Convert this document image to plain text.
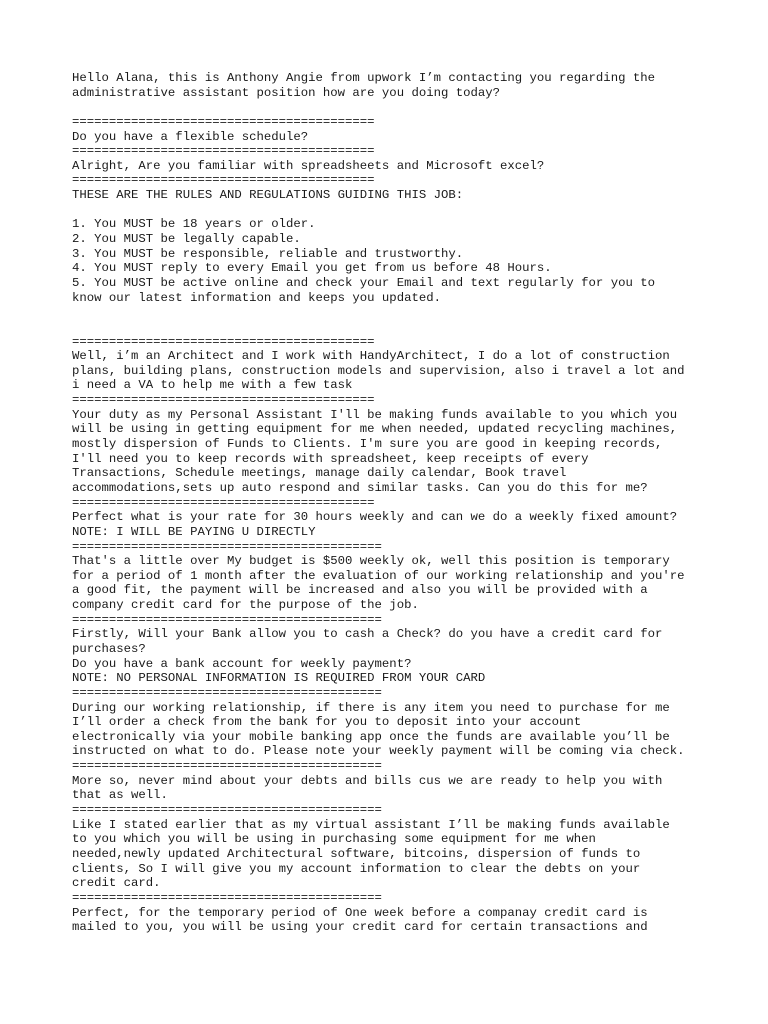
Hello Alana, this is Anthony Angie from upwork I’m contacting you regarding the
administrative assistant position how are you doing today?
=========================================
Do you have a flexible schedule?
=========================================
Alright, Are you familiar with spreadsheets and Microsoft excel?
=========================================
THESE ARE THE RULES AND REGULATIONS GUIDING THIS JOB:
1. You MUST be 18 years or older.
2. You MUST be legally capable.
3. You MUST be responsible, reliable and trustworthy.
4. You MUST reply to every Email you get from us before 48 Hours.
5. You MUST be active online and check your Email and text regularly for you to
know our latest information and keeps you updated.
=========================================
Well, i’m an Architect and I work with HandyArchitect, I do a lot of construction
plans, building plans, construction models and supervision, also i travel a lot and
i need a VA to help me with a few task
=========================================
Your duty as my Personal Assistant I'll be making funds available to you which you
will be using in getting equipment for me when needed, updated recycling machines,
mostly dispersion of Funds to Clients. I'm sure you are good in keeping records,
I'll need you to keep records with spreadsheet, keep receipts of every
Transactions, Schedule meetings, manage daily calendar, Book travel
accommodations,sets up auto respond and similar tasks. Can you do this for me?
=========================================
Perfect what is your rate for 30 hours weekly and can we do a weekly fixed amount?
NOTE: I WILL BE PAYING U DIRECTLY
==========================================
That's a little over My budget is $500 weekly ok, well this position is temporary
for a period of 1 month after the evaluation of our working relationship and you're
a good fit, the payment will be increased and also you will be provided with a
company credit card for the purpose of the job.
==========================================
Firstly, Will your Bank allow you to cash a Check? do you have a credit card for
purchases?
Do you have a bank account for weekly payment?
NOTE: NO PERSONAL INFORMATION IS REQUIRED FROM YOUR CARD
==========================================
During our working relationship, if there is any item you need to purchase for me
I’ll order a check from the bank for you to deposit into your account
electronically via your mobile banking app once the funds are available you’ll be
instructed on what to do. Please note your weekly payment will be coming via check.
==========================================
More so, never mind about your debts and bills cus we are ready to help you with
that as well.
==========================================
Like I stated earlier that as my virtual assistant I’ll be making funds available
to you which you will be using in purchasing some equipment for me when
needed,newly updated Architectural software, bitcoins, dispersion of funds to
clients, So I will give you my account information to clear the debts on your
credit card.
==========================================
Perfect, for the temporary period of One week before a companay credit card is
mailed to you, you will be using your credit card for certain transactions and
